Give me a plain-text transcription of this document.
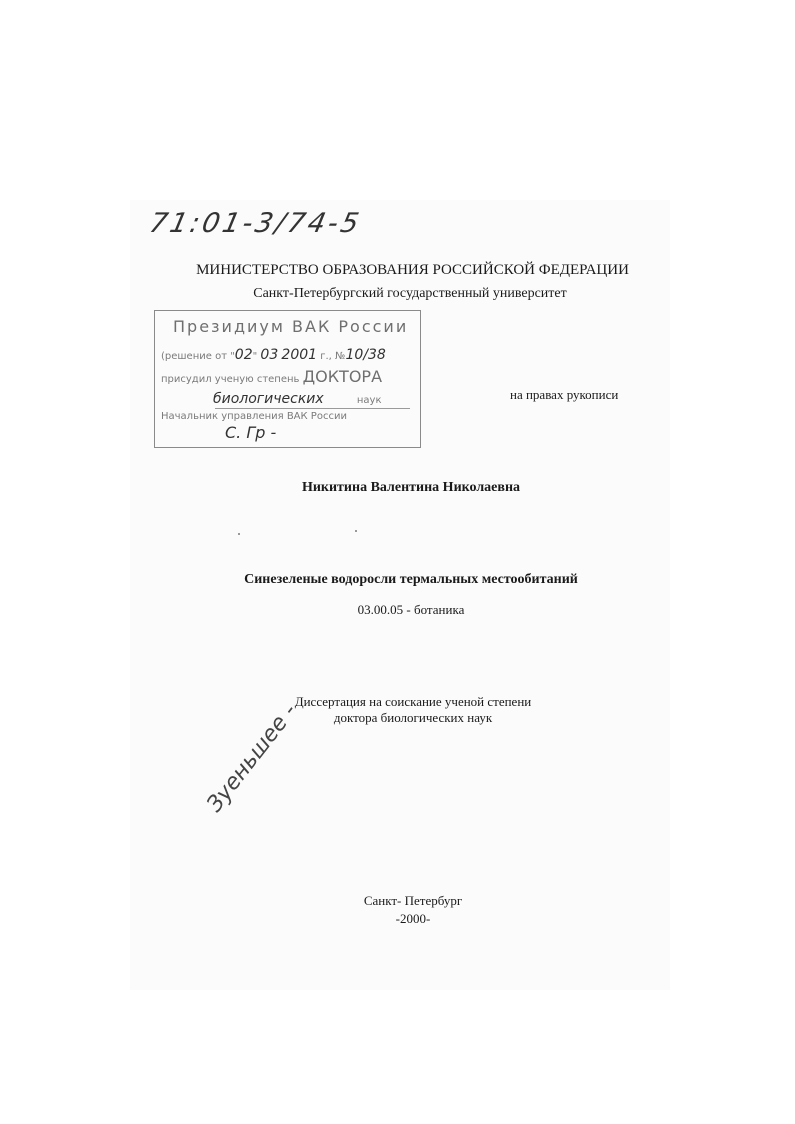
71:01-3/74-5
МИНИСТЕРСТВО ОБРАЗОВАНИЯ РОССИЙСКОЙ ФЕДЕРАЦИИ
Санкт-Петербургский государственный университет
Президиум ВАК России
(решение от "02" 03 2001 г., №10/38
присудил ученую степень ДОКТОРА
биологических	наук
Начальник управления ВАК России
С. Гр -
на правах рукописи
Никитина Валентина Николаевна
Синезеленые водоросли термальных местообитаний
03.00.05 - ботаника
Диссертация на соискание ученой степени
доктора биологических наук
Зуеньшее -
Санкт- Петербург
-2000-
